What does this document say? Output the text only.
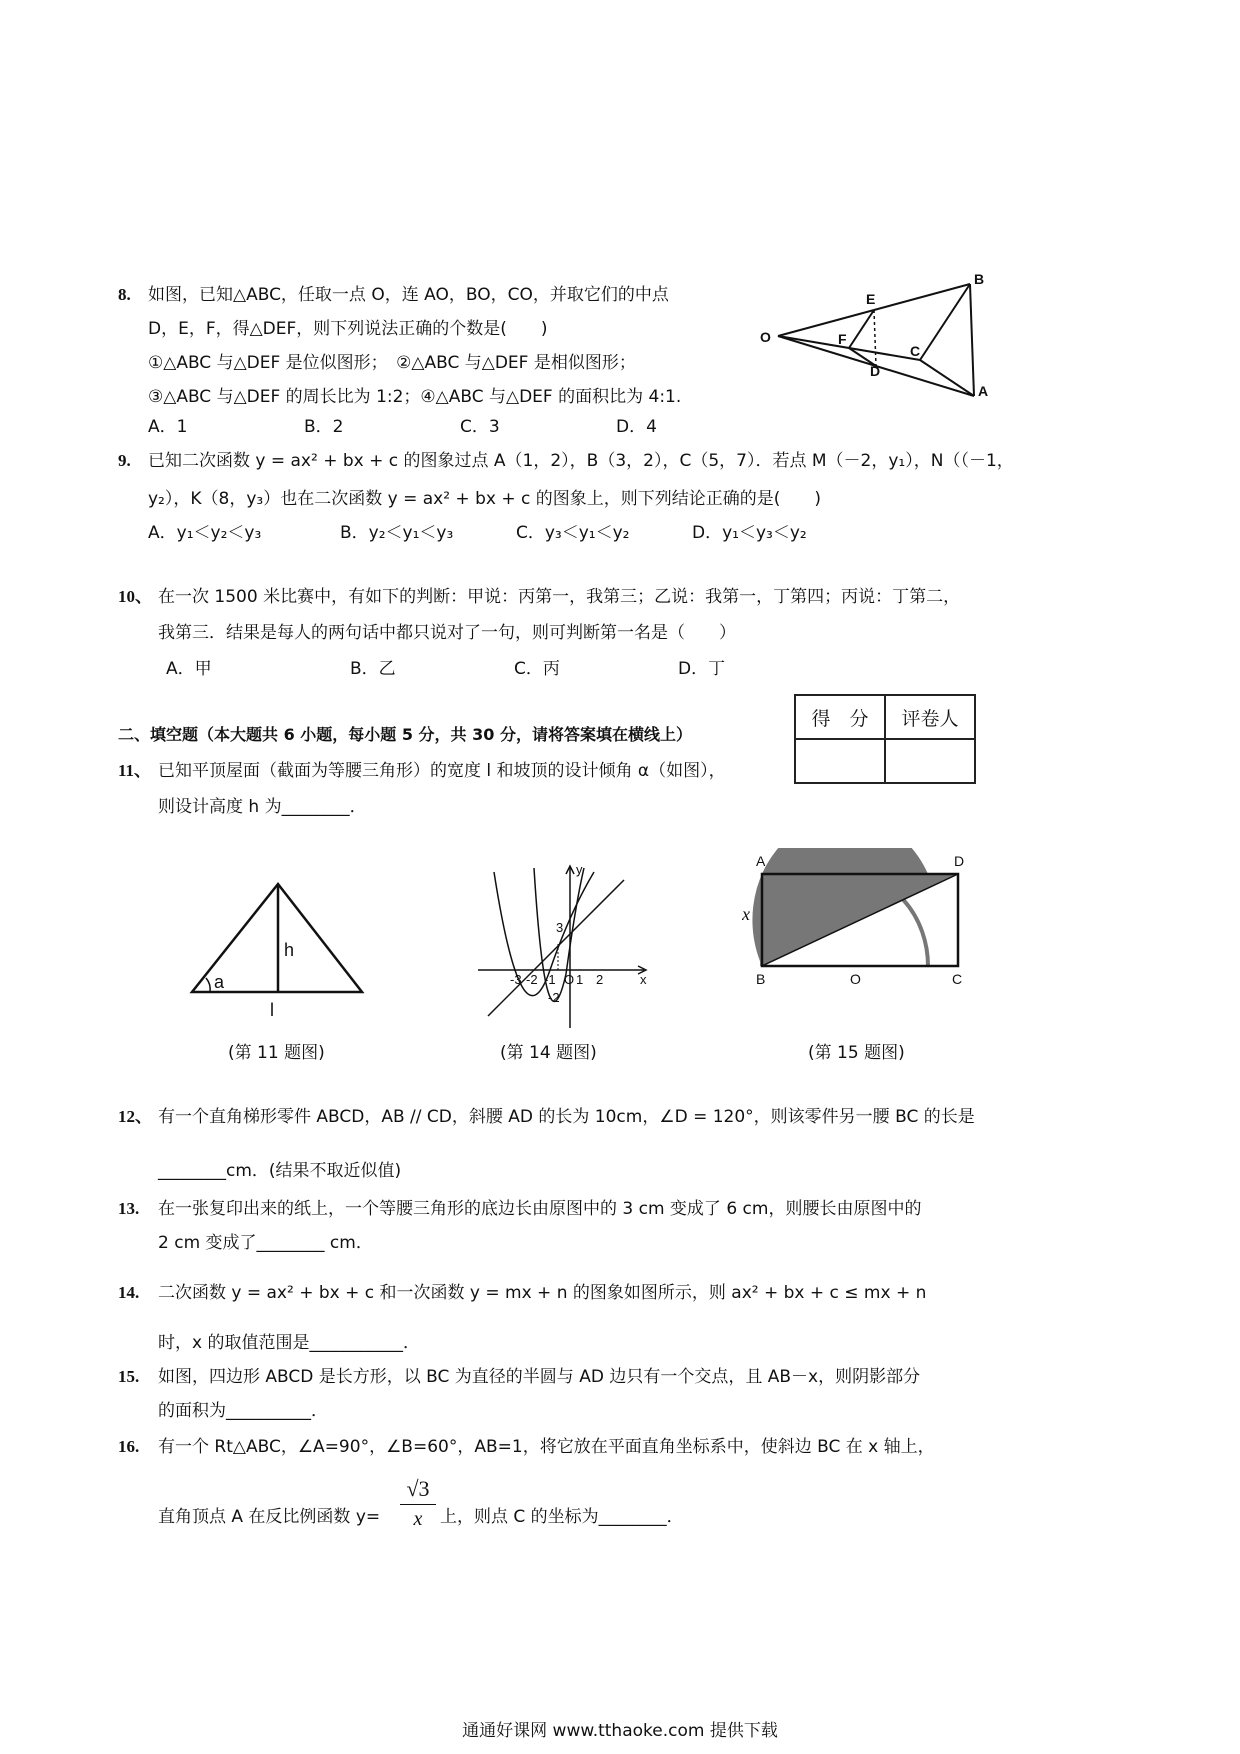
8. 如图，已知△ABC，任取一点 O，连 AO，BO，CO，并取它们的中点
D，E，F，得△DEF，则下列说法正确的个数是(　　)
①△ABC 与△DEF 是位似图形；　②△ABC 与△DEF 是相似图形；
③△ABC 与△DEF 的周长比为 1:2；④△ABC 与△DEF 的面积比为 4:1.
A．1	B．2	C．3	D．4
O
E
F
D
C
B
A
9. 已知二次函数 y = ax² + bx + c 的图象过点 A（1，2），B（3，2），C（5，7）．若点 M（－2，y₁），N（（－1，
y₂），K（8，y₃）也在二次函数 y = ax² + bx + c 的图象上，则下列结论正确的是(　　)
A．y₁＜y₂＜y₃	B．y₂＜y₁＜y₃	C．y₃＜y₁＜y₂	D．y₁＜y₃＜y₂
10、 在一次 1500 米比赛中，有如下的判断：甲说：丙第一，我第三；乙说：我第一，丁第四；丙说：丁第二，
我第三．结果是每人的两句话中都只说对了一句，则可判断第一名是（　　）
A．甲	B．乙	C．丙	D．丁
二、填空题（本大题共 6 小题，每小题 5 分，共 30 分，请将答案填在横线上）
得　分	评卷人

11、 已知平顶屋面（截面为等腰三角形）的宽度 l 和坡顶的设计倾角 α（如图），
则设计高度 h 为________．
a
h
l
(第 11 题图)
y
x
3
-3 -2 -1 O 1 2
-2
(第 14 题图)
A	D
B	C
O
x
(第 15 题图)
12、 有一个直角梯形零件 ABCD，AB // CD，斜腰 AD 的长为 10cm，∠D = 120°，则该零件另一腰 BC 的长是
________cm．(结果不取近似值)
13. 在一张复印出来的纸上，一个等腰三角形的底边长由原图中的 3 cm 变成了 6 cm，则腰长由原图中的
2 cm 变成了________ cm．
14. 二次函数 y = ax² + bx + c 和一次函数 y = mx + n 的图象如图所示，则 ax² + bx + c ≤ mx + n
时，x 的取值范围是___________．
15. 如图，四边形 ABCD 是长方形，以 BC 为直径的半圆与 AD 边只有一个交点，且 AB－x，则阴影部分
的面积为__________．
16. 有一个 Rt△ABC，∠A=90°，∠B=60°，AB=1，将它放在平面直角坐标系中，使斜边 BC 在 x 轴上，
直角顶点 A 在反比例函数 $y= \frac{√3}{x}$ 上，则点 C 的坐标为________．
通通好课网 www.tthaoke.com 提供下载
